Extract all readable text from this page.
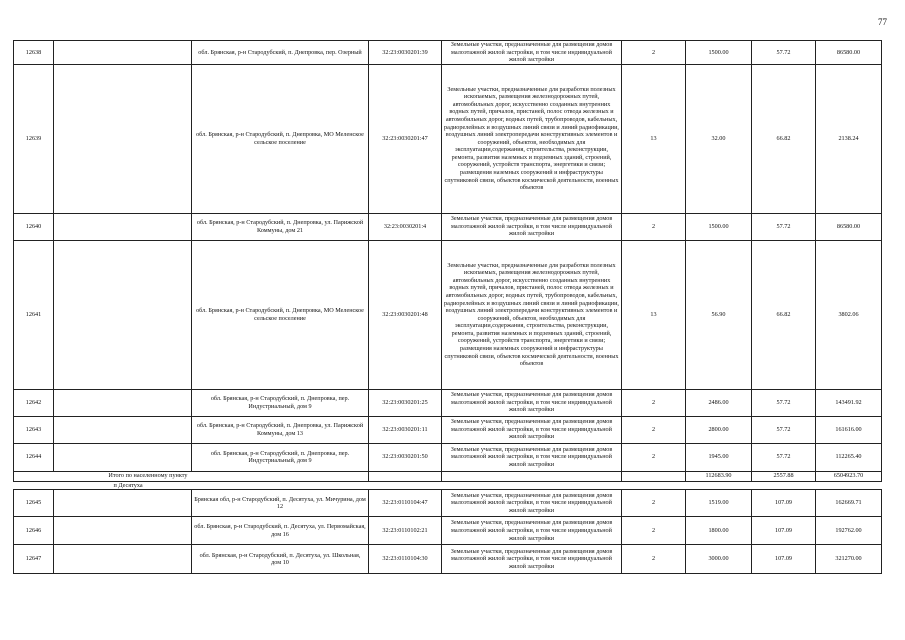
77
12638		обл. Брянская, р-н Стародубский, п. Днепровка, пер. Озерный	32:23:0030201:39	Земельные участки, предназначенные для размещения домов малоэтажной жилой застройки, в том числе индивидуальной жилой застройки	2	1500.00	57.72	86580.00
12639		обл. Брянская, р-н Стародубский, п. Днепровка, МО Меленское сельское поселение	32:23:0030201:47	Земельные участки, предназначенные для разработки полезных ископаемых, размещения железнодорожных путей, автомобильных дорог, искусственно созданных внутренних водных путей, причалов, пристаней, полос отвода железных и автомобильных дорог, водных путей, трубопроводов, кабельных, радиорелейных и воздушных линий связи и линий радиофикации, воздушных линий электропередачи конструктивных элементов и сооружений, объектов, необходимых для эксплуатации,содержания, строительства, реконструкции, ремонта, развития наземных и подземных зданий, строений, сооружений, устройств транспорта, энергетики и связи; размещения наземных сооружений и инфраструктуры спутниковой связи, объектов космической деятельности, военных объектов	13	32.00	66.82	2138.24
12640		обл. Брянская, р-н Стародубский, п. Днепровка, ул. Парижской Коммуны, дом 21	32:23:0030201:4	Земельные участки, предназначенные для размещения домов малоэтажной жилой застройки, в том числе индивидуальной жилой застройки	2	1500.00	57.72	86580.00
12641		обл. Брянская, р-н Стародубский, п. Днепровка, МО Меленское сельское поселение	32:23:0030201:48	Земельные участки, предназначенные для разработки полезных ископаемых, размещения железнодорожных путей, автомобильных дорог, искусственно созданных внутренних водных путей, причалов, пристаней, полос отвода железных и автомобильных дорог, водных путей, трубопроводов, кабельных, радиорелейных и воздушных линий связи и линий радиофикации, воздушных линий электропередачи конструктивных элементов и сооружений, объектов, необходимых для эксплуатации,содержания, строительства, реконструкции, ремонта, развития наземных и подземных зданий, строений, сооружений, устройств транспорта, энергетики и связи; размещения наземных сооружений и инфраструктуры спутниковой связи, объектов космической деятельности, военных объектов	13	56.90	66.82	3802.06
12642		обл. Брянская, р-н Стародубский, п. Днепровка, пер. Индустриальный, дом 9	32:23:0030201:25	Земельные участки, предназначенные для размещения домов малоэтажной жилой застройки, в том числе индивидуальной жилой застройки	2	2486.00	57.72	143491.92
12643		обл. Брянская, р-н Стародубский, п. Днепровка, ул. Парижской Коммуны, дом 13	32:23:0030201:11	Земельные участки, предназначенные для размещения домов малоэтажной жилой застройки, в том числе индивидуальной жилой застройки	2	2800.00	57.72	161616.00
12644		обл. Брянская, р-н Стародубский, п. Днепровка, пер. Индустриальный, дом 9	32:23:0030201:50	Земельные участки, предназначенные для размещения домов малоэтажной жилой застройки, в том числе индивидуальной жилой застройки	2	1945.00	57.72	112265.40
Итого по населенному пункту						112683.90	2557.88	6504923.70
	п Десятуха							
12645		Брянская обл, р-н Стародубский, п. Десятуха, ул. Мичурина, дом 12	32:23:0110104:47	Земельные участки, предназначенные для размещения домов малоэтажной жилой застройки, в том числе индивидуальной жилой застройки	2	1519.00	107.09	162669.71
12646		обл. Брянская, р-н Стародубский, п. Десятуха, ул. Первомайская, дом 16	32:23:0110102:21	Земельные участки, предназначенные для размещения домов малоэтажной жилой застройки, в том числе индивидуальной жилой застройки	2	1800.00	107.09	192762.00
12647		обл. Брянская, р-н Стародубский, п. Десятуха, ул. Школьная, дом 10	32:23:0110104:30	Земельные участки, предназначенные для размещения домов малоэтажной жилой застройки, в том числе индивидуальной жилой застройки	2	3000.00	107.09	321270.00
